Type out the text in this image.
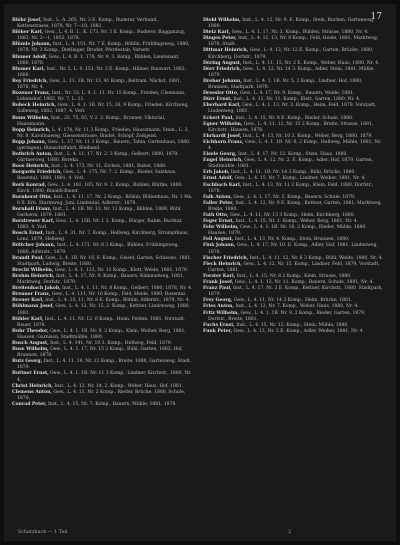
17

Blöhr Josef, Inst., L. A. 265, Nr. 3 E. Komp., Ruderer, Verbund., Kettenstrasse, 1878, Nr. 7—10, 1882.

Blöher Karl, Gew., L. 4. B. 1., K. 173, Nr. 3 E. Komp., Ruderer, Bagganzug, 1883, Nr. 3—1, 1852, 1878.

Blümle Johann, Inst., L. 4. 151, Nr. 7 E. Komp., Böhlin, Frühlingsweg, 1880, 1878, Nr. 3 Komp., Dietlinger, Bruder, Pferdestab, Vorsetr.

Blumer Adolf, Gew., L. 4. B. 1. 178, Nr. 9, 3. Komp., Bühlen, Lieutenant, 1880, 1878.

Blumer Karl, Inst., Nr. 2, L. 4. 151, Nr. 3 E. Komp., Hilmer, Bauwart, 1882, 1880.

Boy Friedrich, Gew., L. 11. 1B. Nr. 13, 41 Komp., Beltram, Nächst, 1881, 1878, Nr. 4.

Bozener Franz, Inst., Nr. 33. L. 4. 1. 11. Nr. 15 Komp., Frieden, Cleemann, Lebenshof, 1882, Nr. 7, L. 11.

Bobeck Heinrich, Gew., L. 4. 1. 1B. Nr. 15, 16, 9 Komp., Frieden, Kirchweg, Salleweg, 1882, 1887, 4. Vorl.

Bonn Wilhelm, Inst., 25. 75, 65, V 2. 2. Komp., Bronner, Viktorial, Haussmann.

Bopp Heinrich, L. 4. 174, Nr. 11 3 Komp., Frieden, Haussmann, Stein., L. 3, Nr. 8. Karolinaweg, Giessenstrasse, Bindet, Schöpf, Zeitgeist.

Bopp Johann, Gew., L. 17, Nr. 11 3 Komp., Bauern, Tabin, Gartenhaus, 1880. (geringen), Blauschiffahrt, Bleiband.

Bothrich Anton, Inst., L. 4. 11. 17, Nr. 2. 3 Komp., Gelbert, 1880, 1879. Gärtnerweg, 1880, Boreka.

Boos Heinrich, Inst., L. 4. 173, Nr. 11, Eichen, 1881, Ruhet, 1888.

Borgards Friedrich, Gew., L. 4. 175, Nr. 7. 2. Komp., Rieder, Salzhaus, Rosental, 1880, 1881, 4. Vorl.

Bork Konrad, Gew., L. 4. 181. 165, Nr. 9. 2. Komp., Buhlen, Blüthe, 1880. Kirch. 1880, Rinaldi-Bauer.

Bornhorst Otto, Inst., L. 4. 11. 17, Nr. 2 Komp., Böhlin, Blütenhaus, Nr. 1 Ms. 8 B. Krb. Sturmweg, Juni, Lindental, Adlerstr., 1878.

Bornhall Franz, Inst., L. 4. 1B. Nr. 13, Nr. 11 Komp., Bühlen, 1889, Bühl, Gerberei, 1879. 1881.

Borstrewer Karl, Gew., L. 4. 15B. Nr. 1 3. Komp., Bürger, Rubin, Buchtal, 1883, 4. Vorl.

Bosch Ernst, Inst., L. 4. 31, Nr. 7. Komp., Hellweg, Kirchberg, Strumpfhaus, Lenz, 1879, Hellweg.

Böttcher Johann, Inst., L. 4. 171. Nr. 8 3 Komp., Bühlen, Frühlingsweg, 1880, Adlerstr., 1879.

Brandt Paul, Gew., L. 4. 1B. Nr. 16, 6. Komp., Geisel, Garten, Schleuse, 1881, Stadtpark, Ludwig, Breite, 1880.

Brecht Wilhelm, Gew., L. 4. 1. 123, Nr. 13 Komp., Klett, Weide, 1881, 1879.

Brehm Heinrich, Inst., L. 4. 17, Nr. 9. Komp., Bauern, Kümmelweg, 1881, Marktweg, Dorfstr., 1879.

Breitenbach Jakob, Inst., L. 4. 1. 11, Nr. 8 Komp., Gelbert, 1880, 1878, Nr. 4.

Brenner Franz, Gew., L. 4. 111, Nr. 16 Komp., Feld, Heide, 1880, Rosental.

Breuer Karl, Inst., L. 4. 15. 11, Nr. 8 E. Komp., Böhlin, Adlerstr., 1879, Nr. 4.

Bühlmann Josef, Gew., L. 4. 12, Nr. 15, 2. Komp., Kettner, Lindenweg, 1880, 1881.

Bühler Karl, Inst., L. 4. 11, Nr. 12, 6 Komp., Heim, Felden, 1881, Vorstadt, Bauer, 1878.

Buhr Theodor, Gew., L. 4. 1. 1B. Nr. 8, 2 Komp., Klein, Weiher, Berg, 1881, Hausen, Garnison, Stadtmühle, 1880.

Busch August, Inst., L. 4. 141, Nr. 10 3. Komp., Hellweg, Feld, 1879.

Buse Wilhelm, Gew., L. 4. 1. 17, Nr. 15 2 Komp., Bühl, Garten, 1882, Hof, Brunnen, 1878.

Butz Georg, Inst., L. 4. 11. 18, Nr. 12 Komp., Breite, 1880, Gartenweg, Stadt, 1879.

Buttner Ernst, Gew., L. 4. 1. 1B. Nr. 11 3 Komp., Lindner, Kirchstr., 1880, Nr. 4.

Christ Heinrich, Inst., L. 4. 12, Nr. 14. 2. Komp., Weber, Haus, Hof, 1881.

Clemens Anton, Gew., L. 4. 11, Nr. 2 Komp., Rieder, Brücke, 1880, Schule, 1879.

Conrad Peter, Inst., L. 4. 15, Nr. 7. Komp., Bauern, Mühle, 1881, 1878.

Diehl Wilhelm, Inst., L. 4. 12, Nr. 9. E. Komp., Stein, Buchen, Gartenweg, 1880.

Dietz Karl, Gew., L. 4. 1. 17, Nr. 3. Komp., Bühlen, Strasse, 1880, Nr. 4.

Dinges Peter, Inst., L. 4. 11. 13, Nr. 8 Komp., Feld, Heide, 1881, Marktweg, 1878, Stadt.

Dittmar Heinrich, Gew., L. 4. 13, Nr. 12 E. Komp., Garten, Brücke, 1880, Kirchberg, Dorfstr., 1879.

Döring August, Inst., L. 4. 11. 15, Nr. 2 E. Komp., Weber, Haus, 1880, Nr. 4.

Dörr Friedrich, Gew., L. 4. 12, Nr. 14 3. Komp., Adler, Stein, 1881, Mühle, 1879.

Dreher Johann, Inst., L. 4. 1. 1B. Nr. 5, 2 Komp., Lindner, Hof, 1880, Brunnen, Stadtpark, 1878.

Dressler Otto, Gew., L. 4. 17, Nr. 9. Komp., Bauern, Weide, 1881.

Dürr Ernst, Inst., L. 4. 11, Nr. 11. Komp., Klett, Garten, 1880, Nr. 4.

Eberhard Karl, Gew., L. 4. 1. 13, Nr. 3. Komp., Heim, Feld, 1879, Vorstadt, Lindenweg, 1881.

Eckert Paul, Inst., L. 4. 15, Nr. 8 E. Komp., Rieder, Schule, 1880.

Egner Wilhelm, Gew., L. 4. 11. 12, Nr. 15 2 Komp., Breite, Strasse, 1881, Kirchstr., Hausen, 1878.

Ehrhardt Josef, Inst., L. 4. 13, Nr. 10 3. Komp., Weber, Berg, 1880, 1879.

Eichhorn Franz, Gew., L. 4. 1. 1B. Nr. 6, 2 Komp., Hellweg, Mühle, 1881, Nr. 4.

Eisele Georg, Inst., L. 4. 17, Nr. 12. Komp., Stein, Haus, 1880.

Engel Heinrich, Gew., L. 4. 12, Nr. 2. E. Komp., Adler, Hof, 1879, Garten, Stadtmühle, 1881.

Erb Jakob, Inst., L. 4. 11. 1B. Nr. 14 3 Komp., Bühl, Brücke, 1880.

Ernst Adolf, Gew., L. 4. 15, Nr. 7. Komp., Lindner, Weiher, 1881, Nr. 4.

Eschbach Karl, Inst., L. 4. 13, Nr. 11 2 Komp., Klein, Feld, 1880, Dorfstr., 1878.

Falk Anton, Gew., L. 4. 1. 17, Nr. 5. Komp., Bauern, Schule, 1879.

Faller Peter, Inst., L. 4. 12, Nr. 9 E. Komp., Kettner, Garten, 1881, Marktweg, Breite, 1880.

Fath Otto, Gew., L. 4. 11, Nr. 13 3 Komp., Heim, Kirchberg, 1880.

Feger Ernst, Inst., L. 4. 15, Nr. 1. Komp., Weber, Berg, 1881, Nr. 4.

Fehr Wilhelm, Gew., L. 4. 1. 1B. Nr. 16, 2 Komp., Rieder, Mühle, 1880, Hausen, 1879.

Feil August, Inst., L. 4. 13, Nr. 4. Komp., Stein, Brunnen, 1880.

Fink Johann, Gew., L. 4. 17, Nr. 10. E. Komp., Adler, Hof, 1881, Lindenweg, 1878.

Fischer Friedrich, Inst., L. 4. 11. 12, Nr. 6 3 Komp., Bühl, Weide, 1880, Nr. 4.

Fleck Heinrich, Gew., L. 4. 12, Nr. 15. Komp., Lindner, Feld, 1879, Vorstadt, Garten, 1881.

Forster Karl, Inst., L. 4. 15, Nr. 8 2 Komp., Klein, Strasse, 1880.

Frank Josef, Gew., L. 4. 1. 13, Nr. 11. Komp., Bauern, Schule, 1881, Nr. 4.

Franz Paul, Inst., L. 4. 17, Nr. 3 E. Komp., Kettner, Kirchstr., 1880, Stadtpark, 1879.

Frey Georg, Gew., L. 4. 11, Nr. 14 3 Komp., Heim, Brücke, 1881.

Fries Anton, Inst., L. 4. 12, Nr. 7. Komp., Weber, Haus, 1880, Nr. 4.

Fritz Wilhelm, Gew., L. 4. 1. 1B. Nr. 9, 2 Komp., Rieder, Garten, 1879, Dorfstr., Breite, 1881.

Fuchs Ernst, Inst., L. 4. 15, Nr. 12. Komp., Stein, Mühle, 1880.

Funk Peter, Gew., L. 4. 13, Nr. 5 E. Komp., Adler, Weiher, 1881, Nr. 4.

Schatzbuch — 1 Teil	2
